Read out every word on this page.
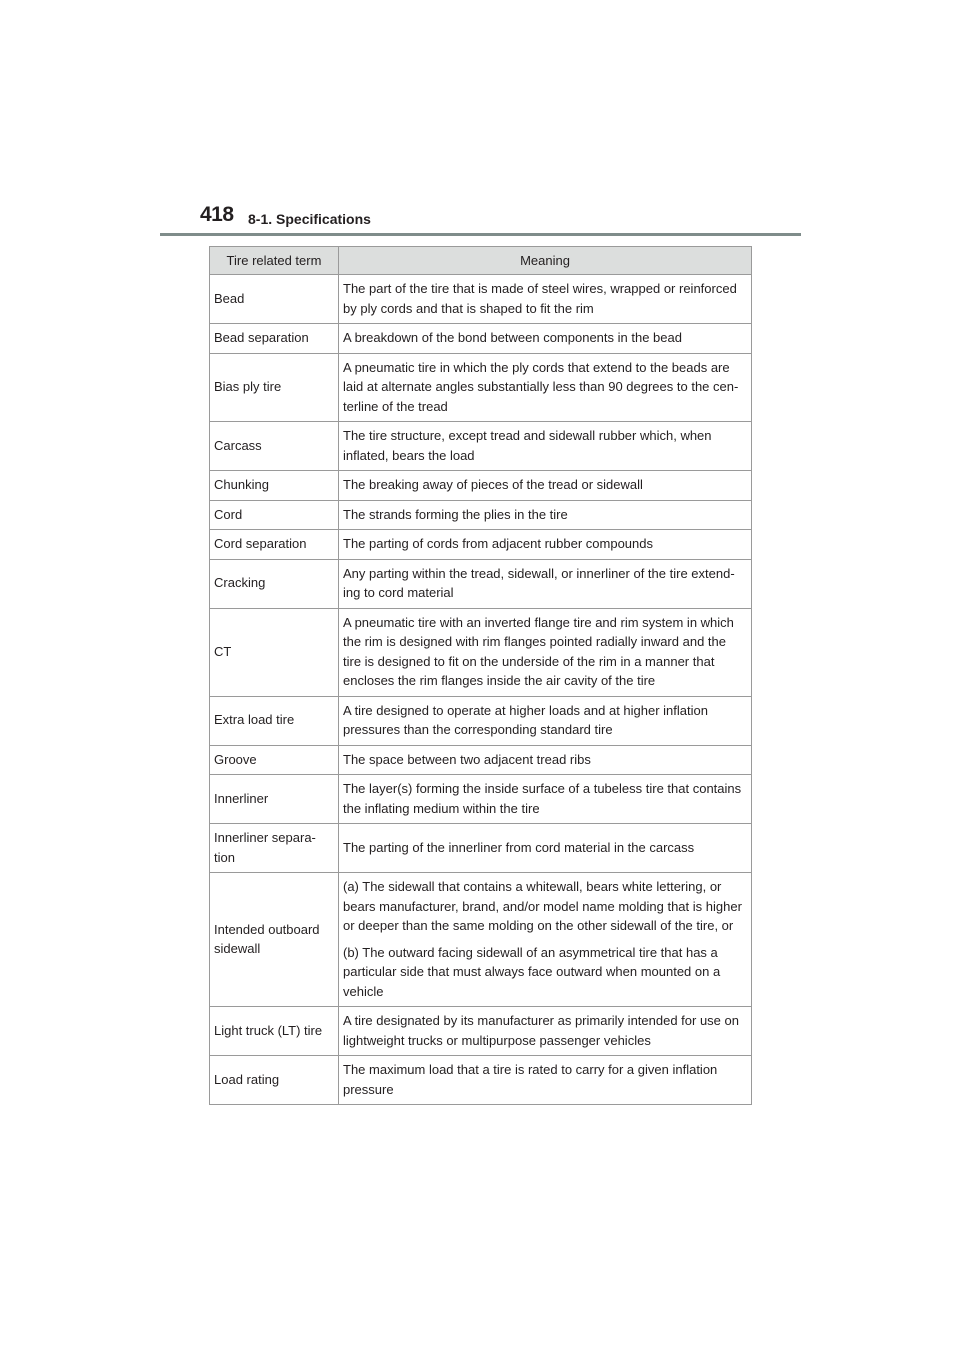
418 8-1. Specifications
Tire related term	Meaning
Bead	The part of the tire that is made of steel wires, wrapped or reinforced by ply cords and that is shaped to fit the rim

Bead separation	A breakdown of the bond between components in the bead

Bias ply tire	A pneumatic tire in which the ply cords that extend to the beads are laid at alternate angles substantially less than 90 degrees to the cen- terline of the tread

Carcass	The tire structure, except tread and sidewall rubber which, when inflated, bears the load

Chunking	The breaking away of pieces of the tread or sidewall

Cord	The strands forming the plies in the tire

Cord separation	The parting of cords from adjacent rubber compounds

Cracking	Any parting within the tread, sidewall, or innerliner of the tire extend- ing to cord material

CT	A pneumatic tire with an inverted flange tire and rim system in which the rim is designed with rim flanges pointed radially inward and the tire is designed to fit on the underside of the rim in a manner that encloses the rim flanges inside the air cavity of the tire

Extra load tire	A tire designed to operate at higher loads and at higher inflation pressures than the corresponding standard tire

Groove	The space between two adjacent tread ribs

Innerliner	The layer(s) forming the inside surface of a tubeless tire that contains the inflating medium within the tire

Innerliner separa- tion	The parting of the innerliner from cord material in the carcass

Intended outboard sidewall	(a) The sidewall that contains a whitewall, bears white lettering, or bears manufacturer, brand, and/or model name molding that is higher or deeper than the same molding on the other sidewall of the tire, or

(b) The outward facing sidewall of an asymmetrical tire that has a particular side that must always face outward when mounted on a vehicle

Light truck (LT) tire	A tire designated by its manufacturer as primarily intended for use on lightweight trucks or multipurpose passenger vehicles

Load rating	The maximum load that a tire is rated to carry for a given inflation pressure
